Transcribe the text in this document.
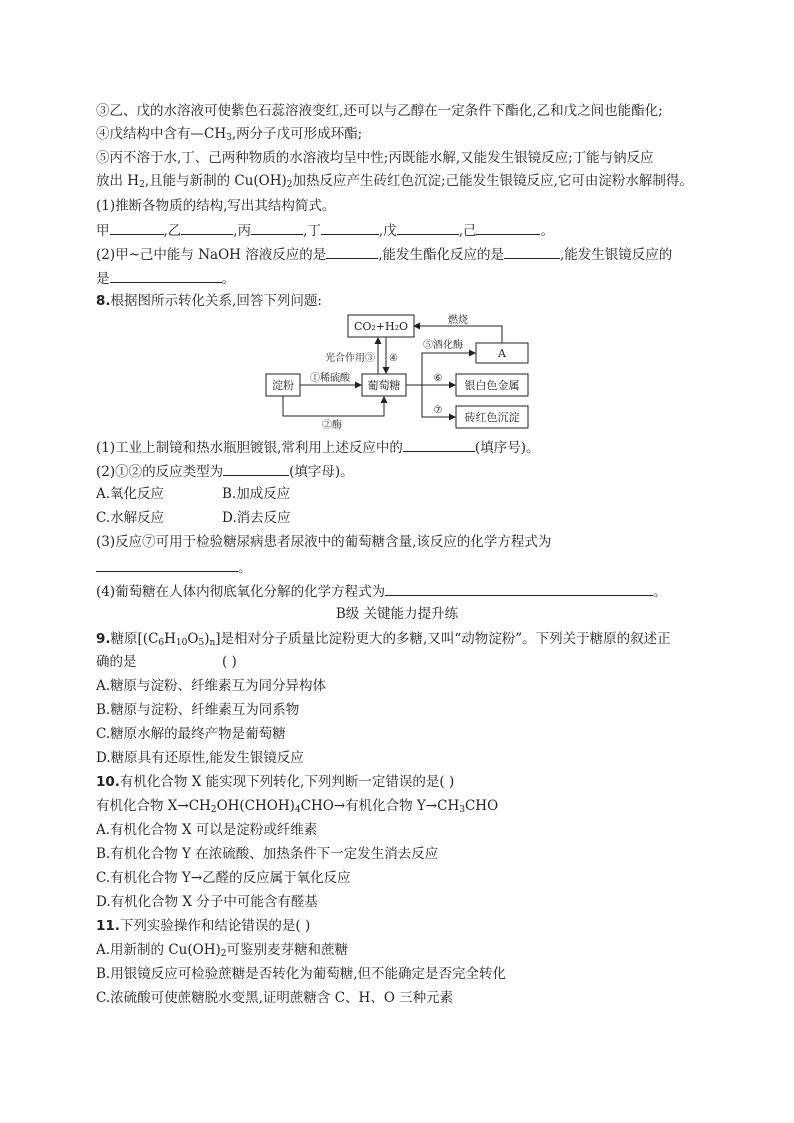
③乙、戊的水溶液可使紫色石蕊溶液变红,还可以与乙醇在一定条件下酯化,乙和戊之间也能酯化;
④戊结构中含有$—CH_3$,两分子戊可形成环酯;
⑤丙不溶于水,丁、己两种物质的水溶液均呈中性;丙既能水解,又能发生银镜反应;丁能与钠反应
放出 $H_2$,且能与新制的 $Cu(OH)_2$加热反应产生砖红色沉淀;己能发生银镜反应,它可由淀粉水解制得。
(1)推断各物质的结构,写出其结构简式。
甲	,乙	,丙	,丁	,戊	,己	。
(2)甲~己中能与 NaOH 溶液反应的是	,能发生酯化反应的是	,能发生银镜反应的
是	。
8.根据图所示转化关系,回答下列问题:
CO₂+H₂O	燃烧
A
光合作用③ ④
⑤酒化酶
淀粉
①稀硫酸
葡萄糖
⑥
银白色金属
②酶
⑦
砖红色沉淀
(1)工业上制镜和热水瓶胆镀银,常利用上述反应中的	(填序号)。
(2)①②的反应类型为	(填字母)。
A.氧化反应	B.加成反应
C.水解反应	D.消去反应
(3)反应⑦可用于检验糖尿病患者尿液中的葡萄糖含量,该反应的化学方程式为
。
(4)葡萄糖在人体内彻底氧化分解的化学方程式为	。
B级 关键能力提升练
9.糖原$[(C_6H_{10}O_5)_n]$是相对分子质量比淀粉更大的多糖,又叫“动物淀粉”。下列关于糖原的叙述正
确的是	( )
A.糖原与淀粉、纤维素互为同分异构体
B.糖原与淀粉、纤维素互为同系物
C.糖原水解的最终产物是葡萄糖
D.糖原具有还原性,能发生银镜反应
10.有机化合物 X 能实现下列转化,下列判断一定错误的是( )
有机化合物 $X\to CH_2OH(CHOH)_4CHO\to$有机化合物 $Y\to CH_3CHO$
A.有机化合物 X 可以是淀粉或纤维素
B.有机化合物 Y 在浓硫酸、加热条件下一定发生消去反应
C.有机化合物 Y→乙醛的反应属于氧化反应
D.有机化合物 X 分子中可能含有醛基
11.下列实验操作和结论错误的是( )
A.用新制的 $Cu(OH)_2$可鉴别麦芽糖和蔗糖
B.用银镜反应可检验蔗糖是否转化为葡萄糖,但不能确定是否完全转化
C.浓硫酸可使蔗糖脱水变黑,证明蔗糖含 C、H、O 三种元素
